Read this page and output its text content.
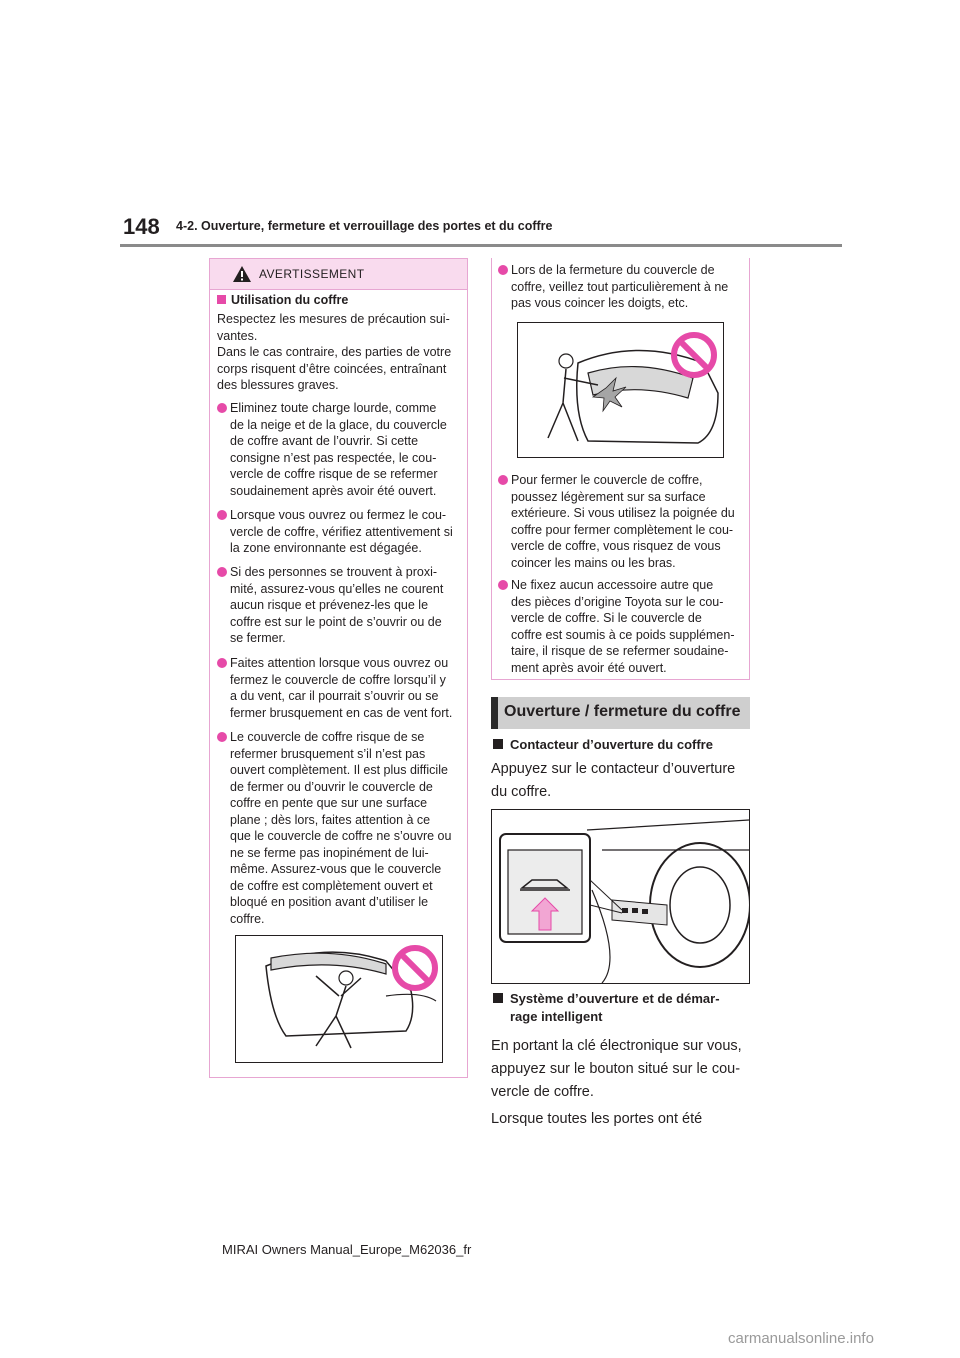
148 4-2. Ouverture, fermeture et verrouillage des portes et du coffre
AVERTISSEMENT
Utilisation du coffre
Respectez les mesures de précaution sui-
vantes.
Dans le cas contraire, des parties de votre
corps risquent d’être coincées, entraînant
des blessures graves.
Eliminez toute charge lourde, comme
de la neige et de la glace, du couvercle
de coffre avant de l’ouvrir. Si cette
consigne n’est pas respectée, le cou-
vercle de coffre risque de se refermer
soudainement après avoir été ouvert.
Lorsque vous ouvrez ou fermez le cou-
vercle de coffre, vérifiez attentivement si
la zone environnante est dégagée.
Si des personnes se trouvent à proxi-
mité, assurez-vous qu’elles ne courent
aucun risque et prévenez-les que le
coffre est sur le point de s’ouvrir ou de
se fermer.
Faites attention lorsque vous ouvrez ou
fermez le couvercle de coffre lorsqu’il y
a du vent, car il pourrait s’ouvrir ou se
fermer brusquement en cas de vent fort.
Le couvercle de coffre risque de se
refermer brusquement s’il n’est pas
ouvert complètement. Il est plus difficile
de fermer ou d’ouvrir le couvercle de
coffre en pente que sur une surface
plane ; dès lors, faites attention à ce
que le couvercle de coffre ne s’ouvre ou
ne se ferme pas inopinément de lui-
même. Assurez-vous que le couvercle
de coffre est complètement ouvert et
bloqué en position avant d’utiliser le
coffre.
Lors de la fermeture du couvercle de
coffre, veillez tout particulièrement à ne
pas vous coincer les doigts, etc.
Pour fermer le couvercle de coffre,
poussez légèrement sur sa surface
extérieure. Si vous utilisez la poignée du
coffre pour fermer complètement le cou-
vercle de coffre, vous risquez de vous
coincer les mains ou les bras.
Ne fixez aucun accessoire autre que
des pièces d’origine Toyota sur le cou-
vercle de coffre. Si le couvercle de
coffre est soumis à ce poids supplémen-
taire, il risque de se refermer soudaine-
ment après avoir été ouvert.
Ouverture / fermeture du coffre
Contacteur d’ouverture du coffre
Appuyez sur le contacteur d’ouverture
du coffre.
Système d’ouverture et de démar-
rage intelligent
En portant la clé électronique sur vous,
appuyez sur le bouton situé sur le cou-
vercle de coffre.
Lorsque toutes les portes ont été
MIRAI Owners Manual_Europe_M62036_fr
carmanualsonline.info
